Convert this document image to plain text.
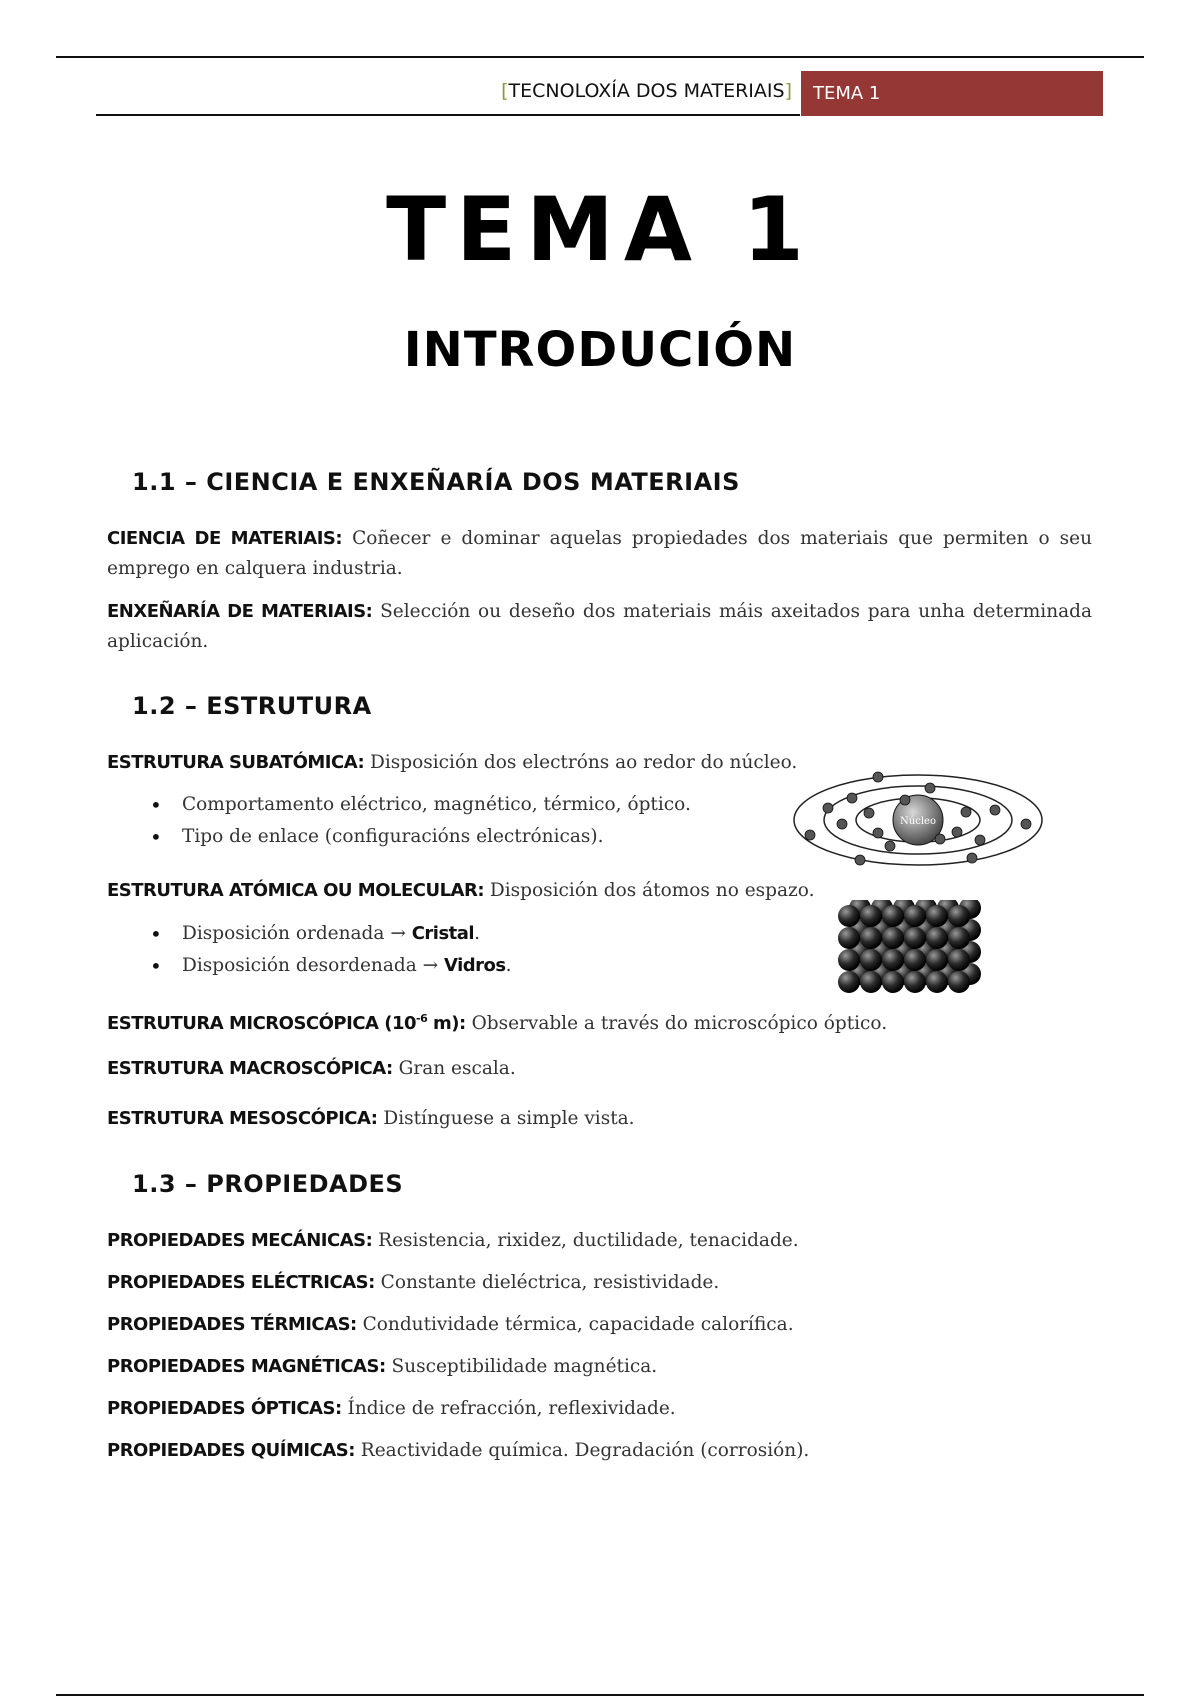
[TECNOLOXÍA DOS MATERIAIS]	TEMA 1
TEMA 1
INTRODUCIÓN
1.1 – CIENCIA E ENXEÑARÍA DOS MATERIAIS
CIENCIA DE MATERIAIS: Coñecer e dominar aquelas propiedades dos materiais que permiten o seu emprego en calquera industria.
ENXEÑARÍA DE MATERIAIS: Selección ou deseño dos materiais máis axeitados para unha determinada aplicación.
1.2 – ESTRUTURA
ESTRUTURA SUBATÓMICA: Disposición dos electróns ao redor do núcleo.
• Comportamento eléctrico, magnético, térmico, óptico.
• Tipo de enlace (configuracións electrónicas).
Núcleo
ESTRUTURA ATÓMICA OU MOLECULAR: Disposición dos átomos no espazo.
• Disposición ordenada → Cristal.
• Disposición desordenada → Vidros.
ESTRUTURA MICROSCÓPICA ($10^{-6}$ m): Observable a través do microscópico óptico.
ESTRUTURA MACROSCÓPICA: Gran escala.
ESTRUTURA MESOSCÓPICA: Distínguese a simple vista.
1.3 – PROPIEDADES
PROPIEDADES MECÁNICAS: Resistencia, rixidez, ductilidade, tenacidade.
PROPIEDADES ELÉCTRICAS: Constante dieléctrica, resistividade.
PROPIEDADES TÉRMICAS: Condutividade térmica, capacidade calorífica.
PROPIEDADES MAGNÉTICAS: Susceptibilidade magnética.
PROPIEDADES ÓPTICAS: Índice de refracción, reflexividade.
PROPIEDADES QUÍMICAS: Reactividade química. Degradación (corrosión).
